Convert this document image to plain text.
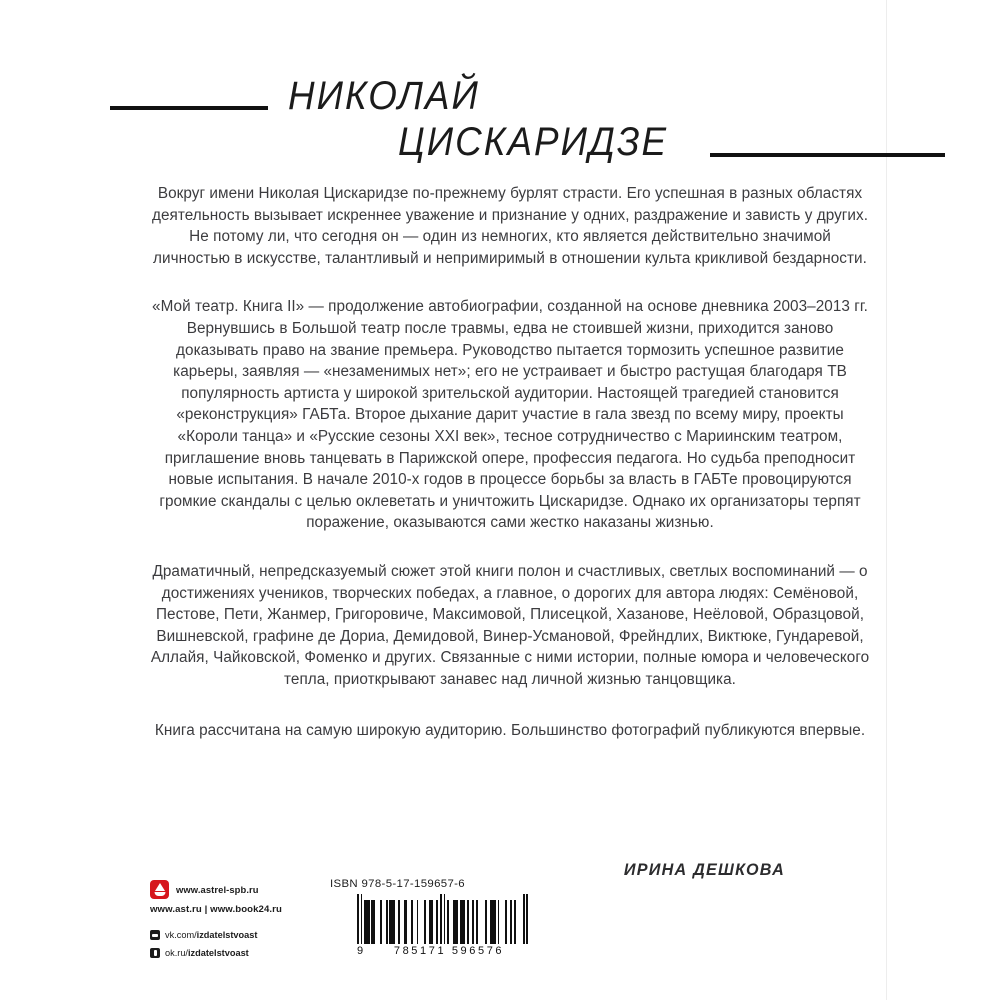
НИКОЛАЙ
ЦИСКАРИДЗЕ

Вокруг имени Николая Цискаридзе по-прежнему бурлят страсти. Его успешная в разных областях деятельность вызывает искреннее уважение и признание у одних, раздражение и зависть у других. Не потому ли, что сегодня он — один из немногих, кто является действительно значимой личностью в искусстве, талантливый и непримиримый в отношении культа крикливой бездарности.

«Мой театр. Книга II» — продолжение автобиографии, созданной на основе дневника 2003–2013 гг. Вернувшись в Большой театр после травмы, едва не стоившей жизни, приходится заново доказывать право на звание премьера. Руководство пытается тормозить успешное развитие карьеры, заявляя — «незаменимых нет»; его не устраивает и быстро растущая благодаря ТВ популярность артиста у широкой зрительской аудитории. Настоящей трагедией становится «реконструкция» ГАБТа. Второе дыхание дарит участие в гала звезд по всему миру, проекты «Короли танца» и «Русские сезоны XXI век», тесное сотрудничество с Мариинским театром, приглашение вновь танцевать в Парижской опере, профессия педагога. Но судьба преподносит новые испытания. В начале 2010-х годов в процессе борьбы за власть в ГАБТе провоцируются громкие скандалы с целью оклеветать и уничтожить Цискаридзе. Однако их организаторы терпят поражение, оказываются сами жестко наказаны жизнью.

Драматичный, непредсказуемый сюжет этой книги полон и счастливых, светлых воспоминаний — о достижениях учеников, творческих победах, а главное, о дорогих для автора людях: Семёновой, Пестове, Пети, Жанмер, Григоровиче, Максимовой, Плисецкой, Хазанове, Неёловой, Образцовой, Вишневской, графине де Дориа, Демидовой, Винер-Усмановой, Фрейндлих, Виктюке, Гундаревой, Аллайя, Чайковской, Фоменко и других. Связанные с ними истории, полные юмора и человеческого тепла, приоткрывают занавес над личной жизнью танцовщика.

Книга рассчитана на самую широкую аудиторию. Большинство фотографий публикуются впервые.

ИРИНА ДЕШКОВА
www.astrel-spb.ru
www.ast.ru | www.book24.ru
vk.com/izdatelstvoast
ok.ru/izdatelstvoast
ISBN 978-5-17-159657-6
9	785171 596576
